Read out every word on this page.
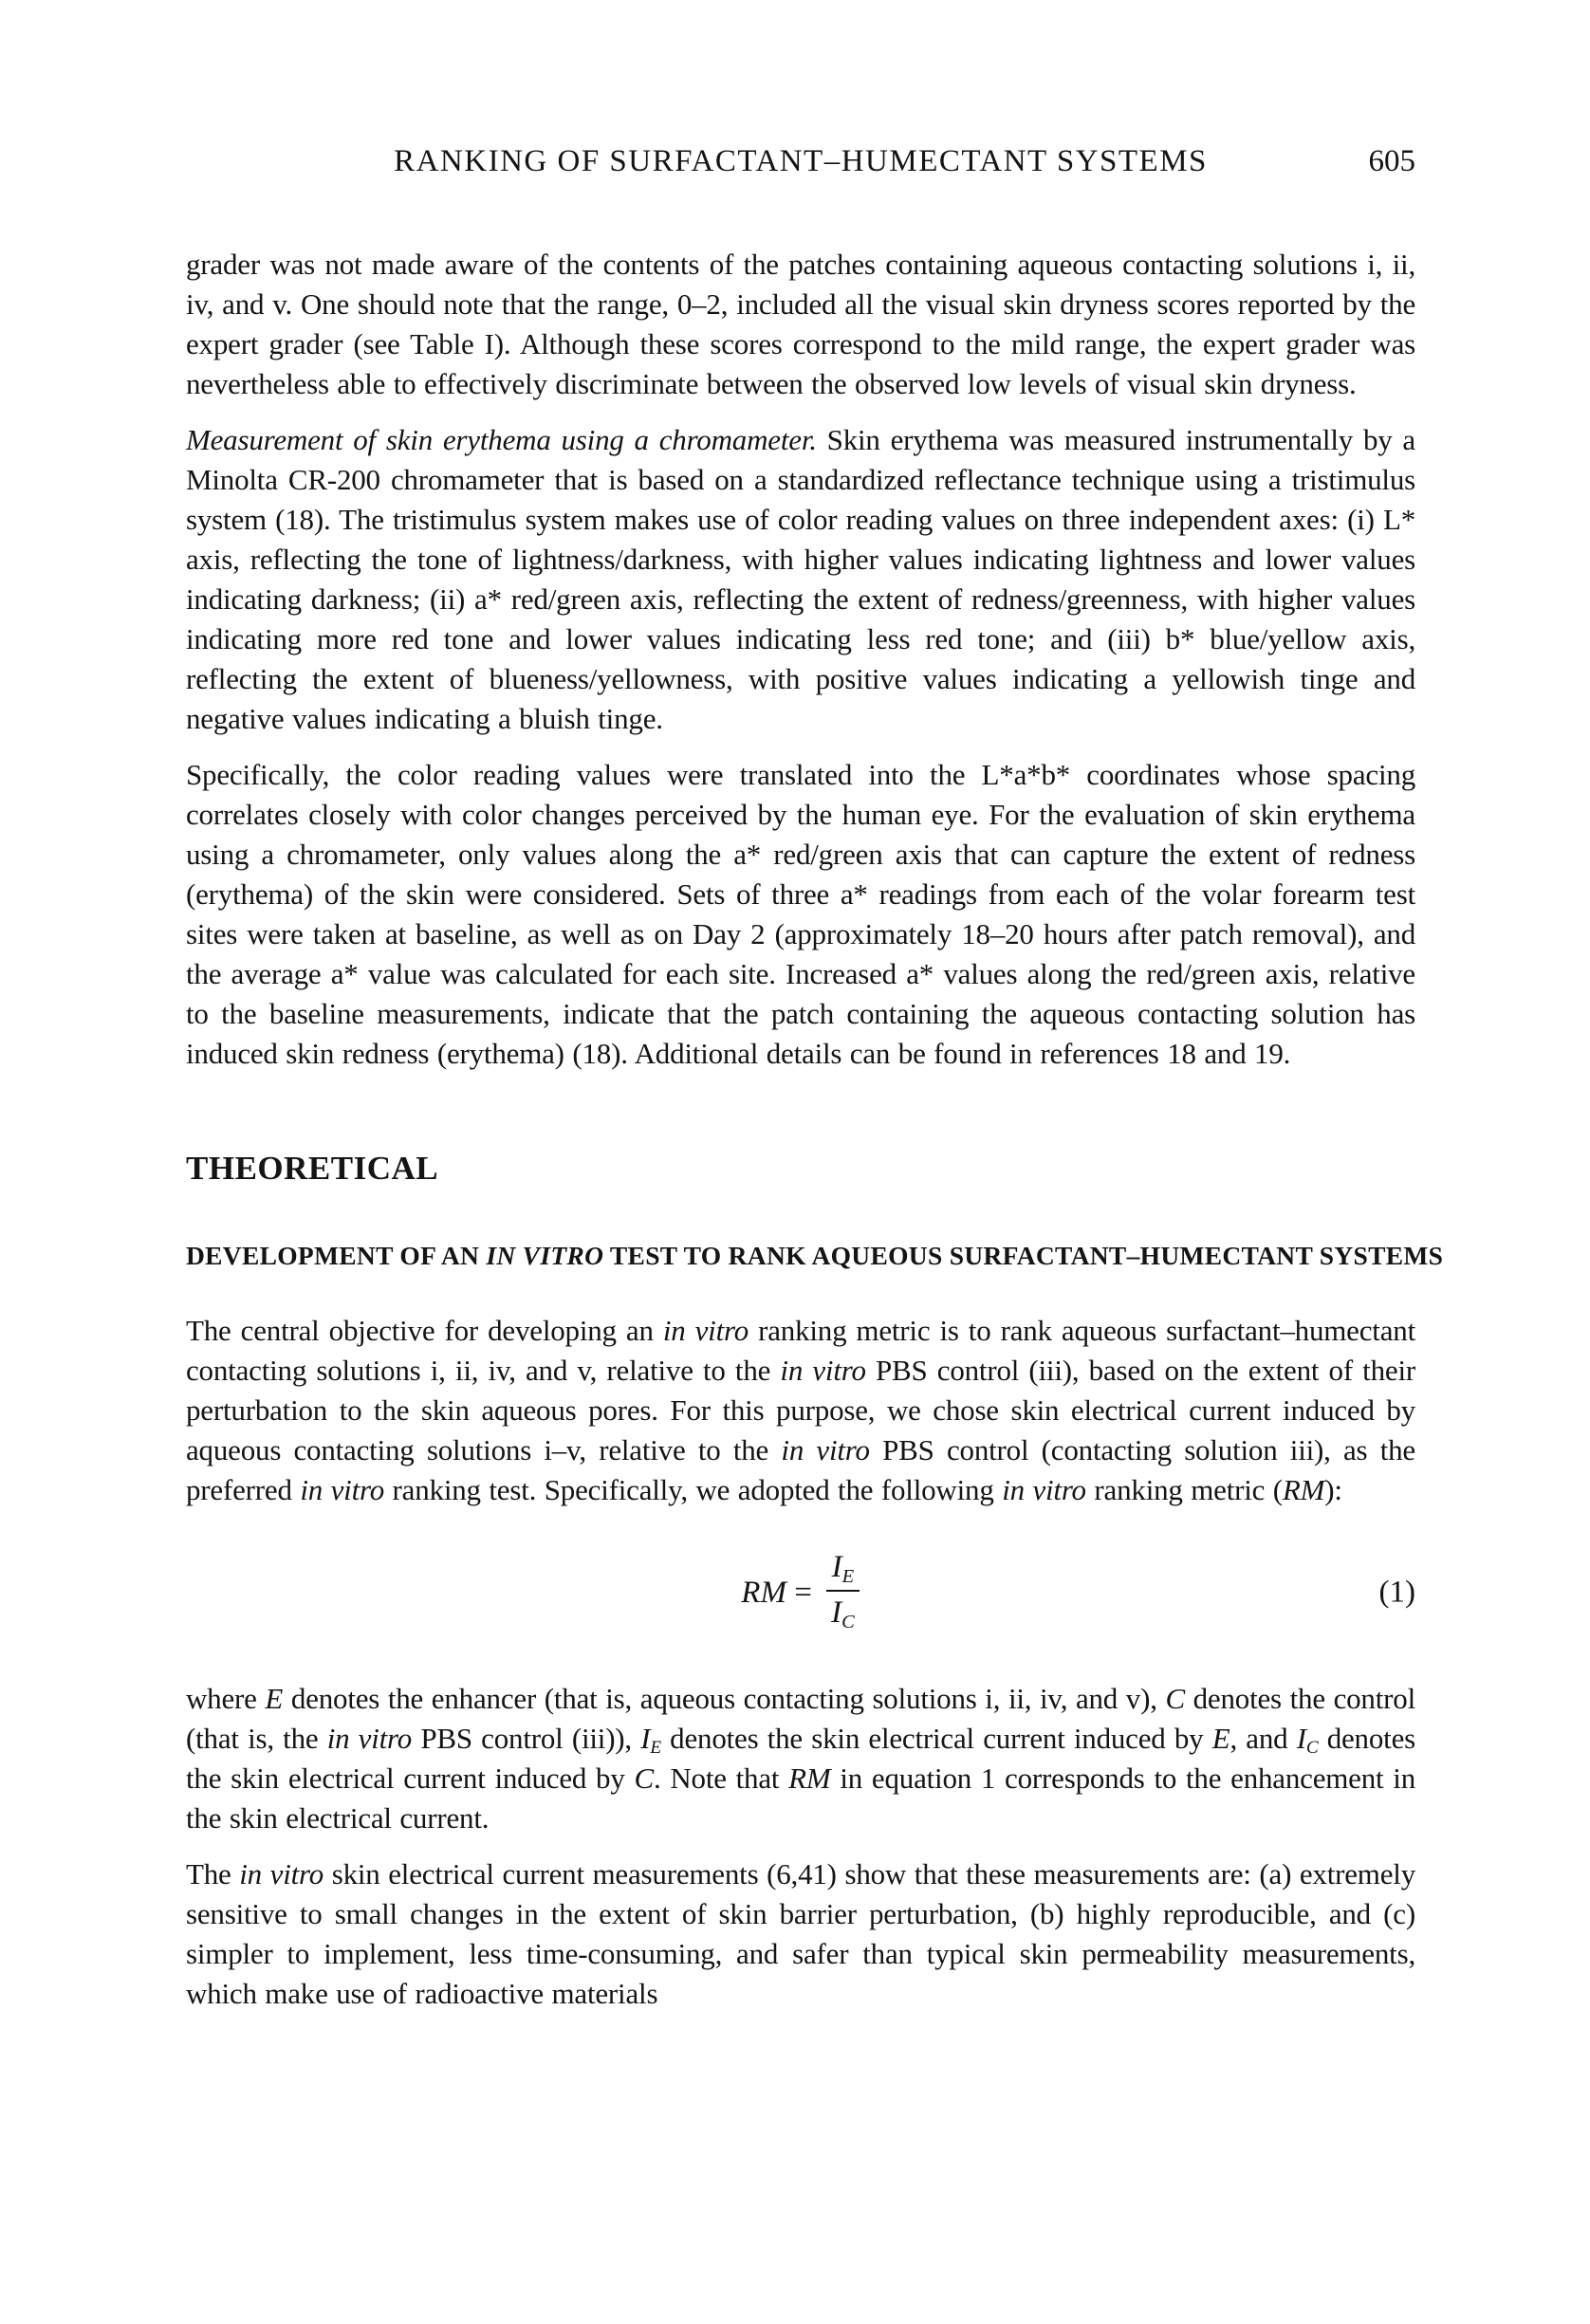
RANKING OF SURFACTANT–HUMECTANT SYSTEMS	605

grader was not made aware of the contents of the patches containing aqueous contacting solutions i, ii, iv, and v. One should note that the range, 0–2, included all the visual skin dryness scores reported by the expert grader (see Table I). Although these scores correspond to the mild range, the expert grader was nevertheless able to effectively discriminate between the observed low levels of visual skin dryness.

Measurement of skin erythema using a chromameter. Skin erythema was measured instrumentally by a Minolta CR-200 chromameter that is based on a standardized reflectance technique using a tristimulus system (18). The tristimulus system makes use of color reading values on three independent axes: (i) L* axis, reflecting the tone of lightness/darkness, with higher values indicating lightness and lower values indicating darkness; (ii) a* red/green axis, reflecting the extent of redness/greenness, with higher values indicating more red tone and lower values indicating less red tone; and (iii) b* blue/yellow axis, reflecting the extent of blueness/yellowness, with positive values indicating a yellowish tinge and negative values indicating a bluish tinge.

Specifically, the color reading values were translated into the L*a*b* coordinates whose spacing correlates closely with color changes perceived by the human eye. For the evaluation of skin erythema using a chromameter, only values along the a* red/green axis that can capture the extent of redness (erythema) of the skin were considered. Sets of three a* readings from each of the volar forearm test sites were taken at baseline, as well as on Day 2 (approximately 18–20 hours after patch removal), and the average a* value was calculated for each site. Increased a* values along the red/green axis, relative to the baseline measurements, indicate that the patch containing the aqueous contacting solution has induced skin redness (erythema) (18). Additional details can be found in references 18 and 19.

THEORETICAL
DEVELOPMENT OF AN IN VITRO TEST TO RANK AQUEOUS SURFACTANT–HUMECTANT SYSTEMS

The central objective for developing an in vitro ranking metric is to rank aqueous surfactant–humectant contacting solutions i, ii, iv, and v, relative to the in vitro PBS control (iii), based on the extent of their perturbation to the skin aqueous pores. For this purpose, we chose skin electrical current induced by aqueous contacting solutions i–v, relative to the in vitro PBS control (contacting solution iii), as the preferred in vitro ranking test. Specifically, we adopted the following in vitro ranking metric (RM):

RM = $\frac{I_E}{I_C}$	(1)

where E denotes the enhancer (that is, aqueous contacting solutions i, ii, iv, and v), C denotes the control (that is, the in vitro PBS control (iii)), $I_E$ denotes the skin electrical current induced by E, and $I_C$ denotes the skin electrical current induced by C. Note that RM in equation 1 corresponds to the enhancement in the skin electrical current.

The in vitro skin electrical current measurements (6,41) show that these measurements are: (a) extremely sensitive to small changes in the extent of skin barrier perturbation, (b) highly reproducible, and (c) simpler to implement, less time-consuming, and safer than typical skin permeability measurements, which make use of radioactive materials
